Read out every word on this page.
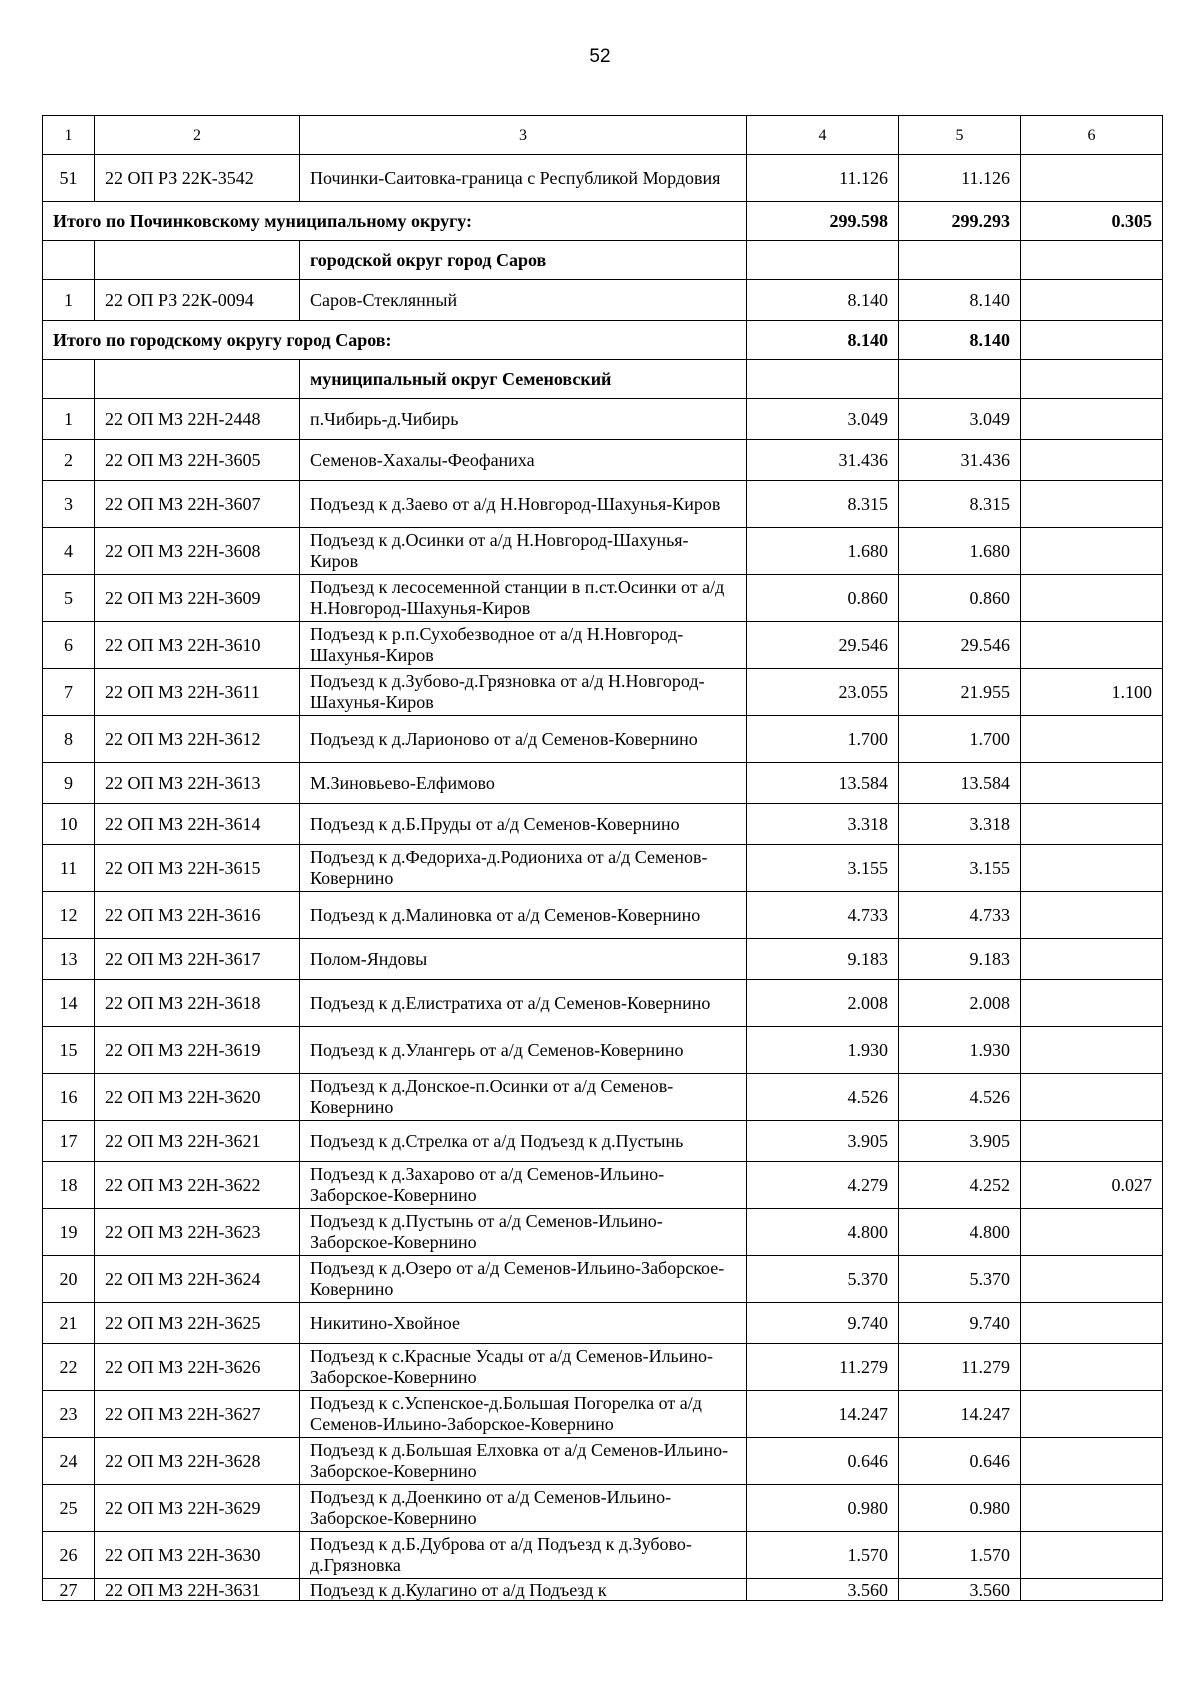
52
1	2	3	4	5	6
51	22 ОП РЗ 22К-3542	Починки-Саитовка-граница с Республикой Мордовия	11.126	11.126	
Итого по Починковскому муниципальному округу:			299.598	299.293	0.305
		городской округ город Саров			
1	22 ОП РЗ 22К-0094	Саров-Стеклянный	8.140	8.140	
Итого по городскому округу город Саров:			8.140	8.140	
		муниципальный округ Семеновский			
1	22 ОП МЗ 22Н-2448	п.Чибирь-д.Чибирь	3.049	3.049	
2	22 ОП МЗ 22Н-3605	Семенов-Хахалы-Феофаниха	31.436	31.436	
3	22 ОП МЗ 22Н-3607	Подъезд к д.Заево от а/д Н.Новгород-Шахунья-Киров	8.315	8.315	
4	22 ОП МЗ 22Н-3608	Подъезд к д.Осинки от а/д Н.Новгород-Шахунья-Киров	1.680	1.680	
5	22 ОП МЗ 22Н-3609	Подъезд к лесосеменной станции в п.ст.Осинки от а/д Н.Новгород-Шахунья-Киров	0.860	0.860	
6	22 ОП МЗ 22Н-3610	Подъезд к р.п.Сухобезводное от а/д Н.Новгород-Шахунья-Киров	29.546	29.546	
7	22 ОП МЗ 22Н-3611	Подъезд к д.Зубово-д.Грязновка от а/д Н.Новгород-Шахунья-Киров	23.055	21.955	1.100
8	22 ОП МЗ 22Н-3612	Подъезд к д.Ларионово от а/д Семенов-Ковернино	1.700	1.700	
9	22 ОП МЗ 22Н-3613	М.Зиновьево-Елфимово	13.584	13.584	
10	22 ОП МЗ 22Н-3614	Подъезд к д.Б.Пруды от а/д Семенов-Ковернино	3.318	3.318	
11	22 ОП МЗ 22Н-3615	Подъезд к д.Федориха-д.Родиониха от а/д Семенов-Ковернино	3.155	3.155	
12	22 ОП МЗ 22Н-3616	Подъезд к д.Малиновка от а/д Семенов-Ковернино	4.733	4.733	
13	22 ОП МЗ 22Н-3617	Полом-Яндовы	9.183	9.183	
14	22 ОП МЗ 22Н-3618	Подъезд к д.Елистратиха от а/д Семенов-Ковернино	2.008	2.008	
15	22 ОП МЗ 22Н-3619	Подъезд к д.Улангерь от а/д Семенов-Ковернино	1.930	1.930	
16	22 ОП МЗ 22Н-3620	Подъезд к д.Донское-п.Осинки от а/д Семенов-Ковернино	4.526	4.526	
17	22 ОП МЗ 22Н-3621	Подъезд к д.Стрелка от а/д Подъезд к д.Пустынь	3.905	3.905	
18	22 ОП МЗ 22Н-3622	Подъезд к д.Захарово от а/д Семенов-Ильино-Заборское-Ковернино	4.279	4.252	0.027
19	22 ОП МЗ 22Н-3623	Подъезд к д.Пустынь от а/д Семенов-Ильино-Заборское-Ковернино	4.800	4.800	
20	22 ОП МЗ 22Н-3624	Подъезд к д.Озеро от а/д Семенов-Ильино-Заборское-Ковернино	5.370	5.370	
21	22 ОП МЗ 22Н-3625	Никитино-Хвойное	9.740	9.740	
22	22 ОП МЗ 22Н-3626	Подъезд к с.Красные Усады от а/д Семенов-Ильино-Заборское-Ковернино	11.279	11.279	
23	22 ОП МЗ 22Н-3627	Подъезд к с.Успенское-д.Большая Погорелка от а/д Семенов-Ильино-Заборское-Ковернино	14.247	14.247	
24	22 ОП МЗ 22Н-3628	Подъезд к д.Большая Елховка от а/д Семенов-Ильино-Заборское-Ковернино	0.646	0.646	
25	22 ОП МЗ 22Н-3629	Подъезд к д.Доенкино от а/д Семенов-Ильино-Заборское-Ковернино	0.980	0.980	
26	22 ОП МЗ 22Н-3630	Подъезд к д.Б.Дуброва от а/д Подъезд к д.Зубово-д.Грязновка	1.570	1.570	
27	22 ОП МЗ 22Н-3631	Подъезд к д.Кулагино от а/д Подъезд к	3.560	3.560	
